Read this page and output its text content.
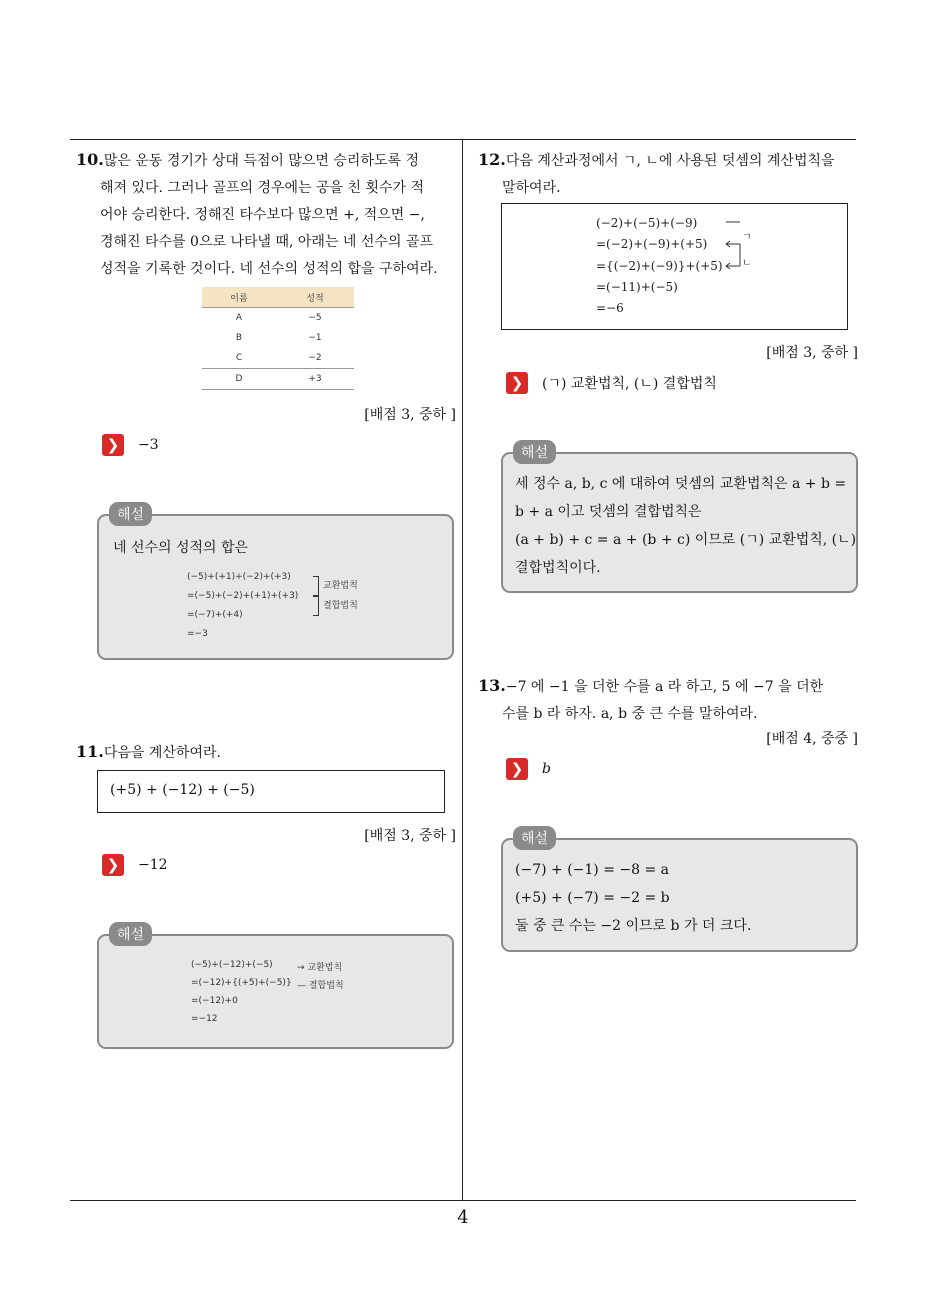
10.많은 운동 경기가 상대 득점이 많으면 승리하도록 정
해져 있다. 그러나 골프의 경우에는 공을 친 횟수가 적
어야 승리한다. 정해진 타수보다 많으면 +, 적으면 −,
경해진 타수를 0으로 나타낼 때, 아래는 네 선수의 골프
성적을 기록한 것이다. 네 선수의 성적의 합을 구하여라.
이름	성적
A	−5
B	−1
C	−2
D	+3
[배점 3, 중하 ]
❯	−3
해설
네 선수의 성적의 합은
(−5)+(+1)+(−2)+(+3)
=(−5)+(−2)+(+1)+(+3)
=(−7)+(+4)
=−3
교환법칙
결합법칙
11.다음을 계산하여라.
(+5) + (−12) + (−5)
[배점 3, 중하 ]
❯	−12
해설
(−5)+(−12)+(−5)
=(−12)+{(+5)+(−5)}
=(−12)+0
=−12
→ 교환법칙
— 결합법칙
12.다음 계산과정에서 ㄱ, ㄴ에 사용된 덧셈의 계산법칙을
말하여라.
(−2)+(−5)+(−9)
=(−2)+(−9)+(+5)
={(−2)+(−9)}+(+5)
=(−11)+(−5)
=−6
ㄱ
ㄴ
[배점 3, 중하 ]
❯	(ㄱ) 교환법칙, (ㄴ) 결합법칙
해설
세 정수 a, b, c 에 대하여 덧셈의 교환법칙은 a + b =
b + a 이고 덧셈의 결합법칙은
(a + b) + c = a + (b + c) 이므로 (ㄱ) 교환법칙, (ㄴ)
결합법칙이다.
13.−7 에 −1 을 더한 수를 a 라 하고, 5 에 −7 을 더한
수를 b 라 하자. a, b 중 큰 수를 말하여라.
[배점 4, 중중 ]
❯	b
해설
(−7) + (−1) = −8 = a
(+5) + (−7) = −2 = b
둘 중 큰 수는 −2 이므로 b 가 더 크다.
4
